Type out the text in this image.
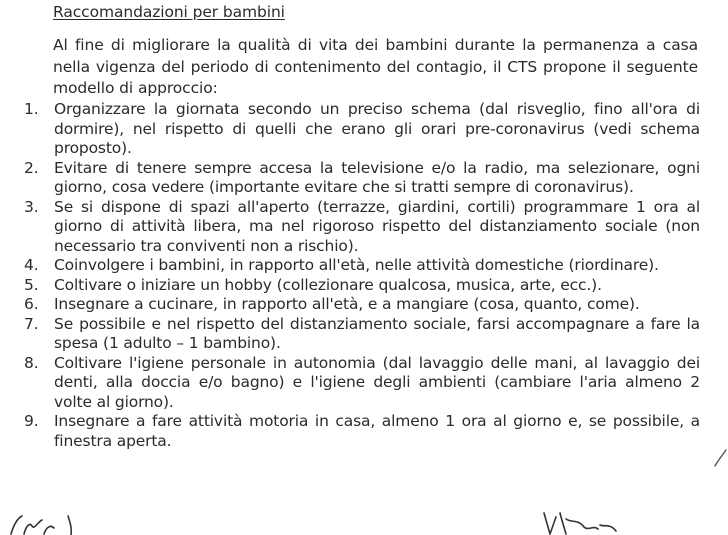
Raccomandazioni per bambini
Al fine di migliorare la qualità di vita dei bambini durante la permanenza a casa nella vigenza del periodo di contenimento del contagio, il CTS propone il seguente modello di approccio:
1. Organizzare la giornata secondo un preciso schema (dal risveglio, fino all'ora di dormire), nel rispetto di quelli che erano gli orari pre-coronavirus (vedi schema proposto).
2. Evitare di tenere sempre accesa la televisione e/o la radio, ma selezionare, ogni giorno, cosa vedere (importante evitare che si tratti sempre di coronavirus).
3. Se si dispone di spazi all'aperto (terrazze, giardini, cortili) programmare 1 ora al giorno di attività libera, ma nel rigoroso rispetto del distanziamento sociale (non necessario tra conviventi non a rischio).
4. Coinvolgere i bambini, in rapporto all'età, nelle attività domestiche (riordinare).
5. Coltivare o iniziare un hobby (collezionare qualcosa, musica, arte, ecc.).
6. Insegnare a cucinare, in rapporto all'età, e a mangiare (cosa, quanto, come).
7. Se possibile e nel rispetto del distanziamento sociale, farsi accompagnare a fare la spesa (1 adulto – 1 bambino).
8. Coltivare l'igiene personale in autonomia (dal lavaggio delle mani, al lavaggio dei denti, alla doccia e/o bagno) e l'igiene degli ambienti (cambiare l'aria almeno 2 volte al giorno).
9. Insegnare a fare attività motoria in casa, almeno 1 ora al giorno e, se possibile, a finestra aperta.
